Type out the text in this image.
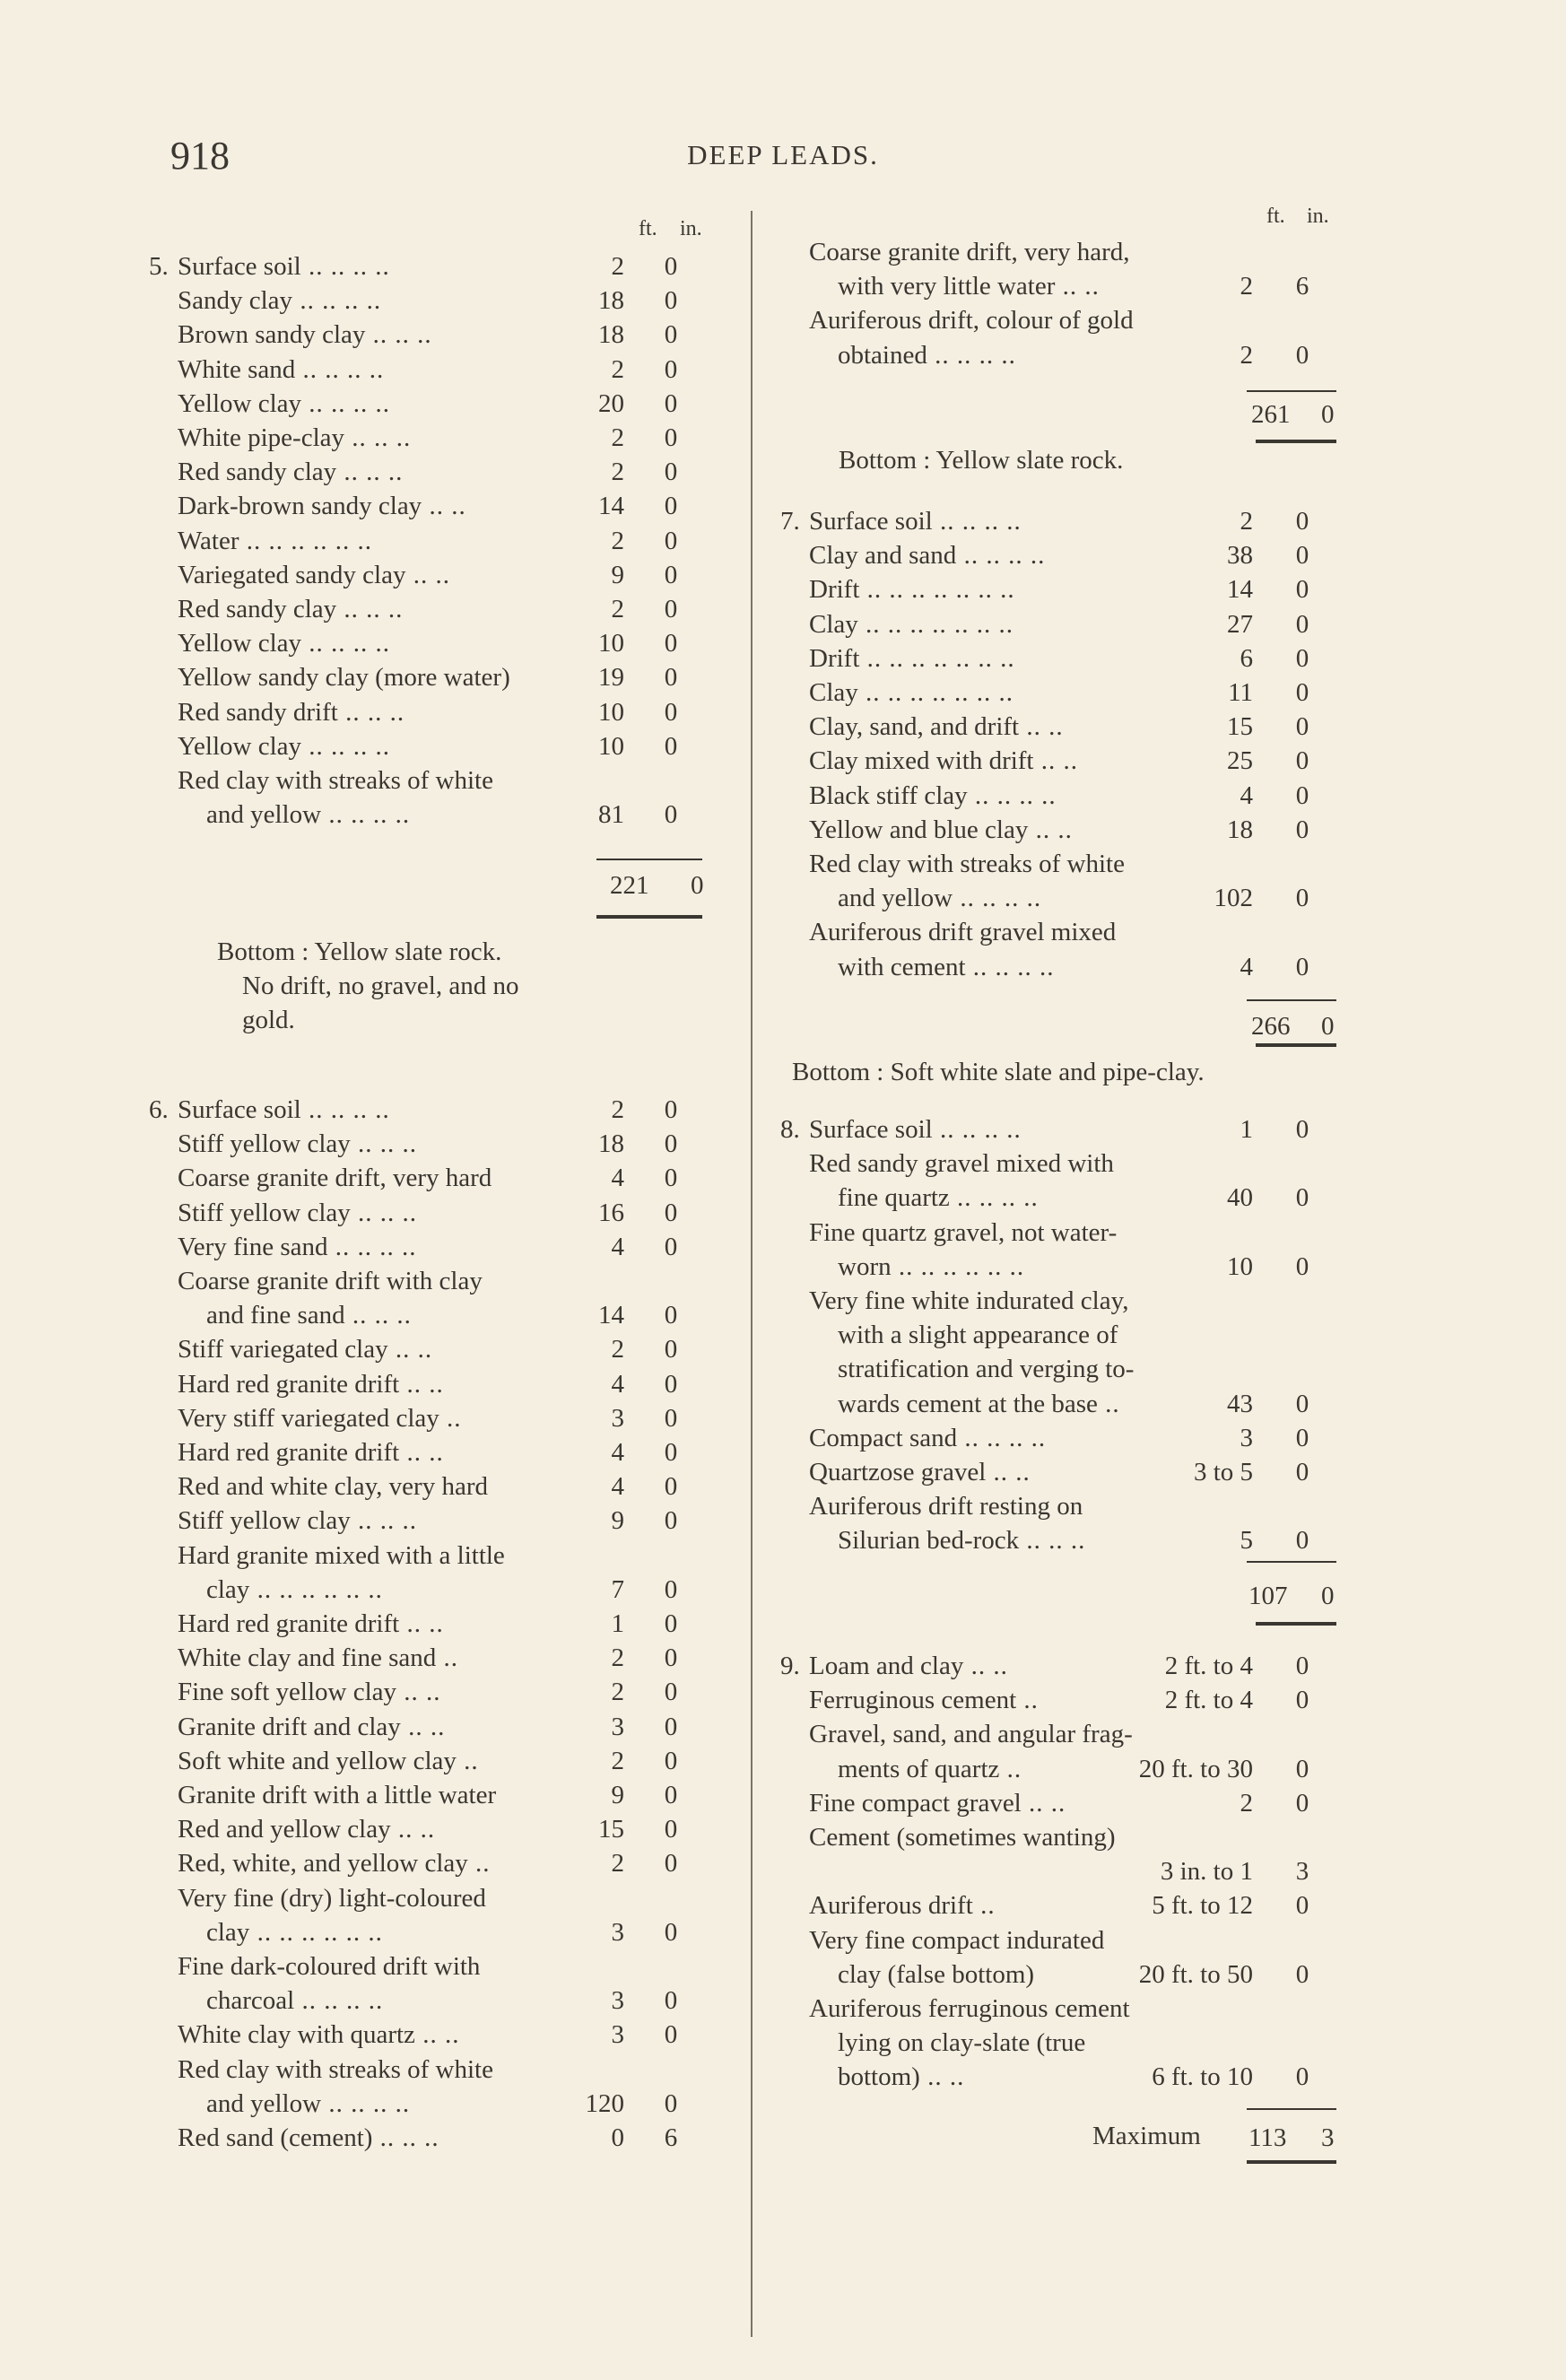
918	DEEP LEADS.
ft. in.
5. Surface soil .. .. .. ..	2 0
Sandy clay .. .. .. ..	18 0
Brown sandy clay .. .. ..	18 0
White sand .. .. .. ..	2 0
Yellow clay .. .. .. ..	20 0
White pipe-clay .. .. ..	2 0
Red sandy clay .. .. ..	2 0
Dark-brown sandy clay .. ..	14 0
Water .. .. .. .. .. ..	2 0
Variegated sandy clay .. ..	9 0
Red sandy clay .. .. ..	2 0
Yellow clay .. .. .. ..	10 0
Yellow sandy clay (more water)	19 0
Red sandy drift .. .. ..	10 0
Yellow clay .. .. .. ..	10 0
Red clay with streaks of white
and yellow .. .. .. ..	81 0
221 0
Bottom : Yellow slate rock.
No drift, no gravel, and no
gold.
6. Surface soil .. .. .. ..	2 0
Stiff yellow clay .. .. ..	18 0
Coarse granite drift, very hard	4 0
Stiff yellow clay .. .. ..	16 0
Very fine sand .. .. .. ..	4 0
Coarse granite drift with clay
and fine sand .. .. ..	14 0
Stiff variegated clay .. ..	2 0
Hard red granite drift .. ..	4 0
Very stiff variegated clay ..	3 0
Hard red granite drift .. ..	4 0
Red and white clay, very hard	4 0
Stiff yellow clay .. .. ..	9 0
Hard granite mixed with a little
clay .. .. .. .. .. ..	7 0
Hard red granite drift .. ..	1 0
White clay and fine sand ..	2 0
Fine soft yellow clay .. ..	2 0
Granite drift and clay .. ..	3 0
Soft white and yellow clay ..	2 0
Granite drift with a little water	9 0
Red and yellow clay .. ..	15 0
Red, white, and yellow clay ..	2 0
Very fine (dry) light-coloured
clay .. .. .. .. .. ..	3 0
Fine dark-coloured drift with
charcoal .. .. .. ..	3 0
White clay with quartz .. ..	3 0
Red clay with streaks of white
and yellow .. .. .. ..	120 0
Red sand (cement) .. .. ..	0 6
ft. in.
Coarse granite drift, very hard,
with very little water .. ..	2 6
Auriferous drift, colour of gold
obtained .. .. .. ..	2 0
261 0
Bottom : Yellow slate rock.
7. Surface soil .. .. .. ..	2 0
Clay and sand .. .. .. ..	38 0
Drift .. .. .. .. .. .. ..	14 0
Clay .. .. .. .. .. .. ..	27 0
Drift .. .. .. .. .. .. ..	6 0
Clay .. .. .. .. .. .. ..	11 0
Clay, sand, and drift .. ..	15 0
Clay mixed with drift .. ..	25 0
Black stiff clay .. .. .. ..	4 0
Yellow and blue clay .. ..	18 0
Red clay with streaks of white
and yellow .. .. .. ..	102 0
Auriferous drift gravel mixed
with cement .. .. .. ..	4 0
266 0
Bottom : Soft white slate and pipe-clay.
8. Surface soil .. .. .. ..	1 0
Red sandy gravel mixed with
fine quartz .. .. .. ..	40 0
Fine quartz gravel, not water-
worn .. .. .. .. .. ..	10 0
Very fine white indurated clay,
with a slight appearance of
stratification and verging to-
wards cement at the base ..	43 0
Compact sand .. .. .. ..	3 0
Quartzose gravel .. ..	3 to 5 0
Auriferous drift resting on
Silurian bed-rock .. .. ..	5 0
107 0
9. Loam and clay .. ..	2 ft. to 4 0
Ferruginous cement ..	2 ft. to 4 0
Gravel, sand, and angular frag-
ments of quartz ..	20 ft. to 30 0
Fine compact gravel .. ..	2 0
Cement (sometimes wanting)
3 in. to 1 3
Auriferous drift ..	5 ft. to 12 0
Very fine compact indurated
clay (false bottom)	20 ft. to 50 0
Auriferous ferruginous cement
lying on clay-slate (true
bottom) .. ..	6 ft. to 10 0
Maximum 113 3
